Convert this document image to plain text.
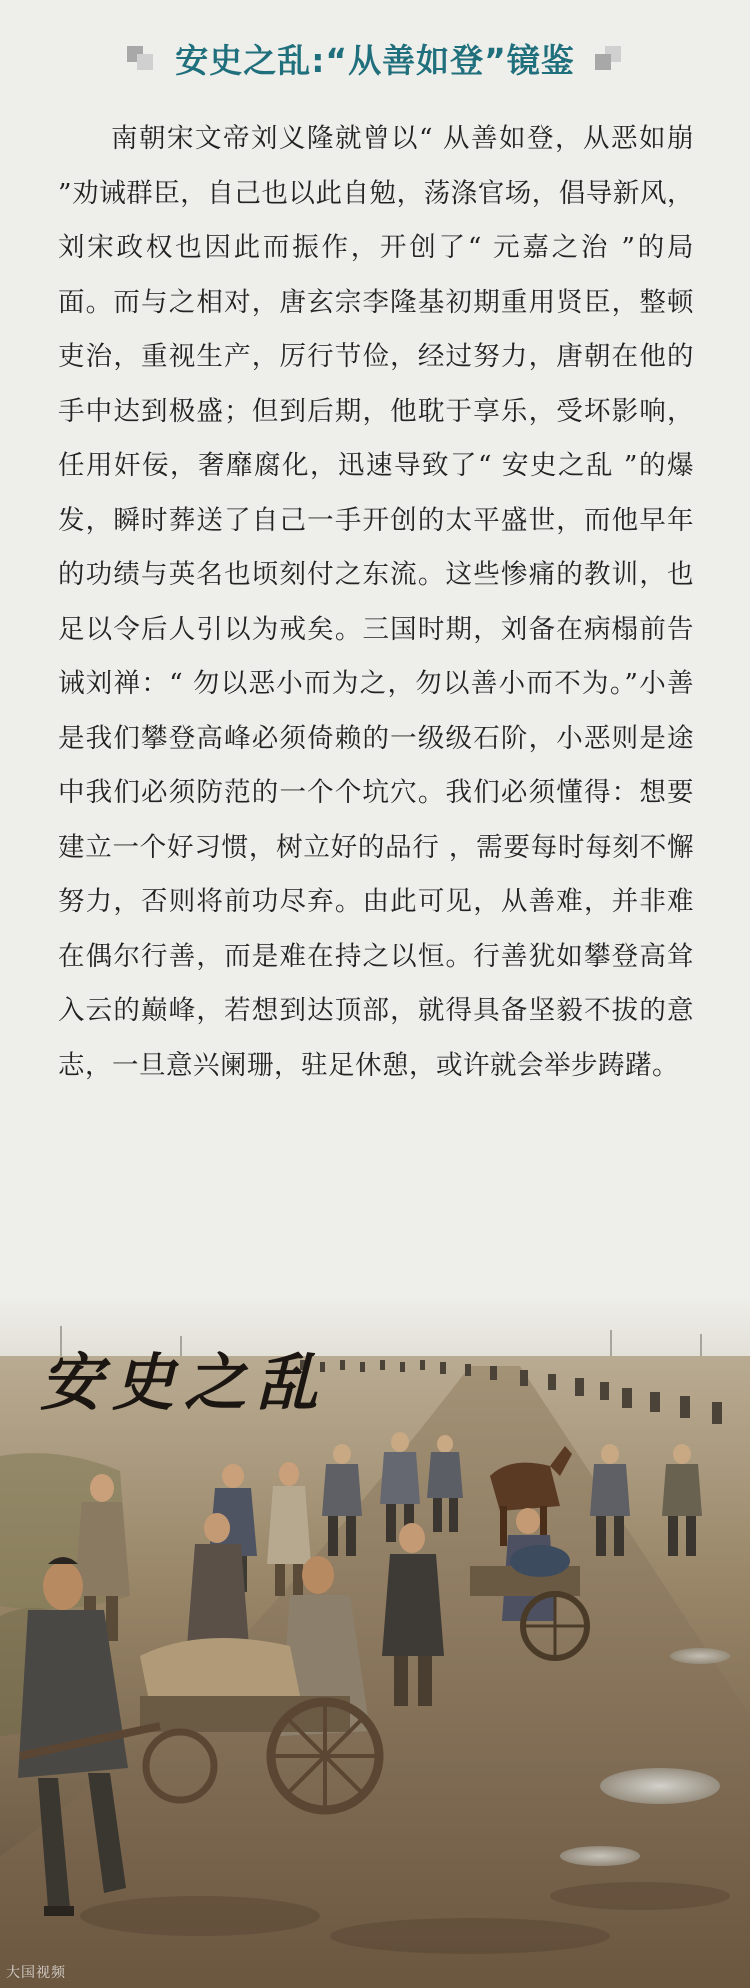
安史之乱:“从善如登”镜鉴
南朝宋文帝刘义隆就曾以“ 从善如登，从恶如崩 ”劝诫群臣，自己也以此自勉，荡涤官场，倡导新风，刘宋政权也因此而振作，开创了“ 元嘉之治 ”的局面。而与之相对，唐玄宗李隆基初期重用贤臣，整顿吏治，重视生产，厉行节俭，经过努力，唐朝在他的手中达到极盛；但到后期，他耽于享乐，受坏影响，任用奸佞，奢靡腐化，迅速导致了“ 安史之乱 ”的爆发，瞬时葬送了自己一手开创的太平盛世，而他早年的功绩与英名也顷刻付之东流。这些惨痛的教训，也足以令后人引以为戒矣。三国时期，刘备在病榻前告诫刘禅：“ 勿以恶小而为之，勿以善小而不为。”小善是我们攀登高峰必须倚赖的一级级石阶，小恶则是途中我们必须防范的一个个坑穴。我们必须懂得：想要建立一个好习惯，树立好的品行 ，需要每时每刻不懈努力，否则将前功尽弃。由此可见，从善难，并非难在偶尔行善，而是难在持之以恒。行善犹如攀登高耸入云的巅峰，若想到达顶部，就得具备坚毅不拔的意志，一旦意兴阑珊，驻足休憩，或许就会举步踌躇。
安史之乱
大国视频
